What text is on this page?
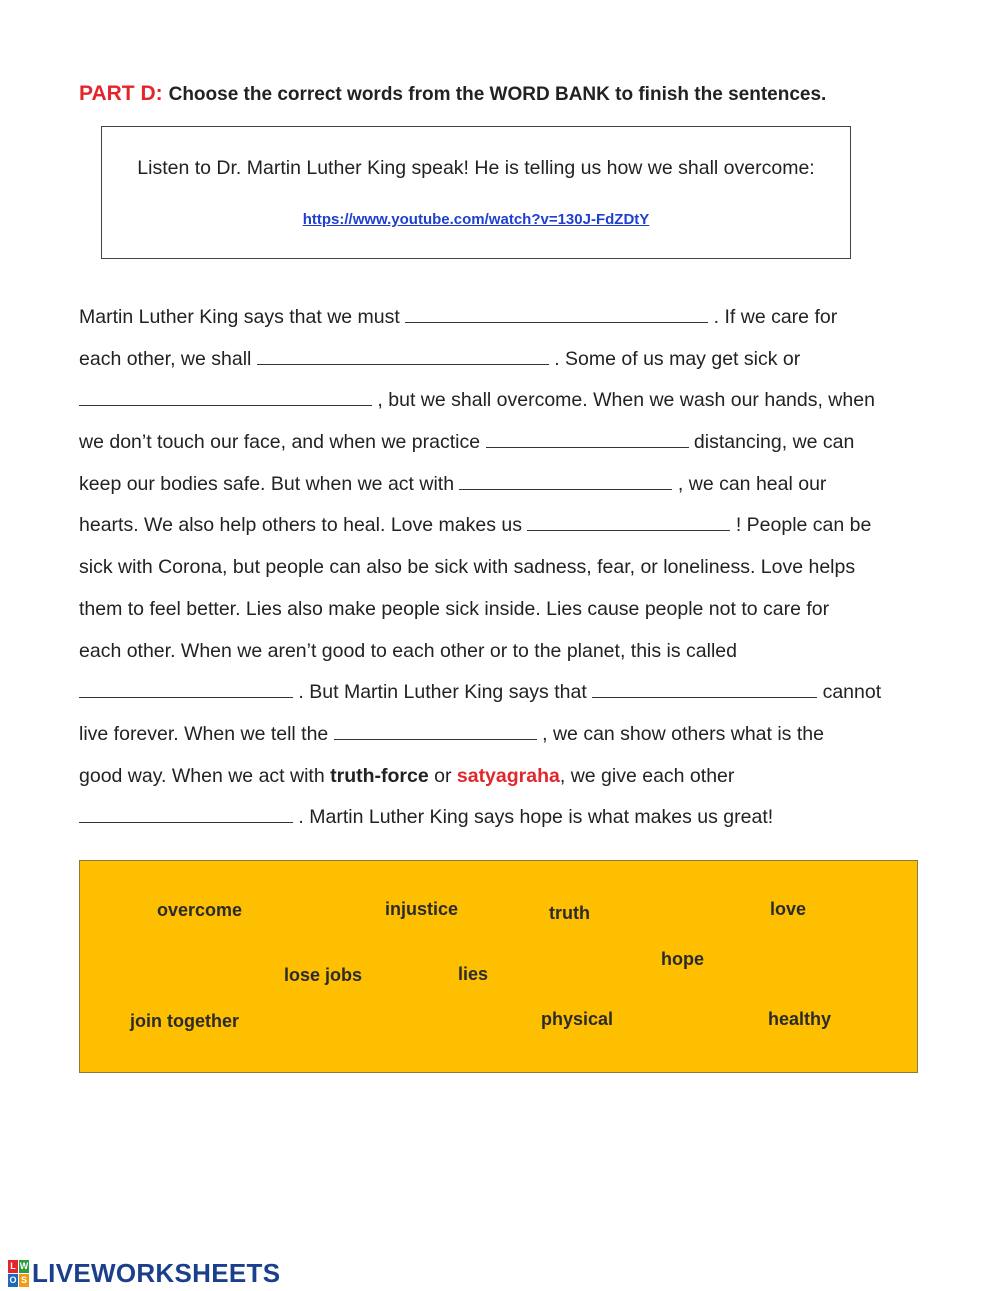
PART D: Choose the correct words from the WORD BANK to finish the sentences.
Listen to Dr. Martin Luther King speak! He is telling us how we shall overcome:
https://www.youtube.com/watch?v=130J-FdZDtY
Martin Luther King says that we must	. If we care for
each other, we shall	. Some of us may get sick or
, but we shall overcome. When we wash our hands, when
we don’t touch our face, and when we practice	distancing, we can
keep our bodies safe. But when we act with	, we can heal our
hearts. We also help others to heal. Love makes us	! People can be
sick with Corona, but people can also be sick with sadness, fear, or loneliness. Love helps
them to feel better. Lies also make people sick inside. Lies cause people not to care for
each other. When we aren’t good to each other or to the planet, this is called
. But Martin Luther King says that	cannot
live forever. When we tell the	, we can show others what is the
good way. When we act with truth-force or satyagraha, we give each other
. Martin Luther King says hope is what makes us great!
overcome	injustice	truth	love
hope
lose jobs	lies
join together	physical	healthy
L W
O S LIVEWORKSHEETS
